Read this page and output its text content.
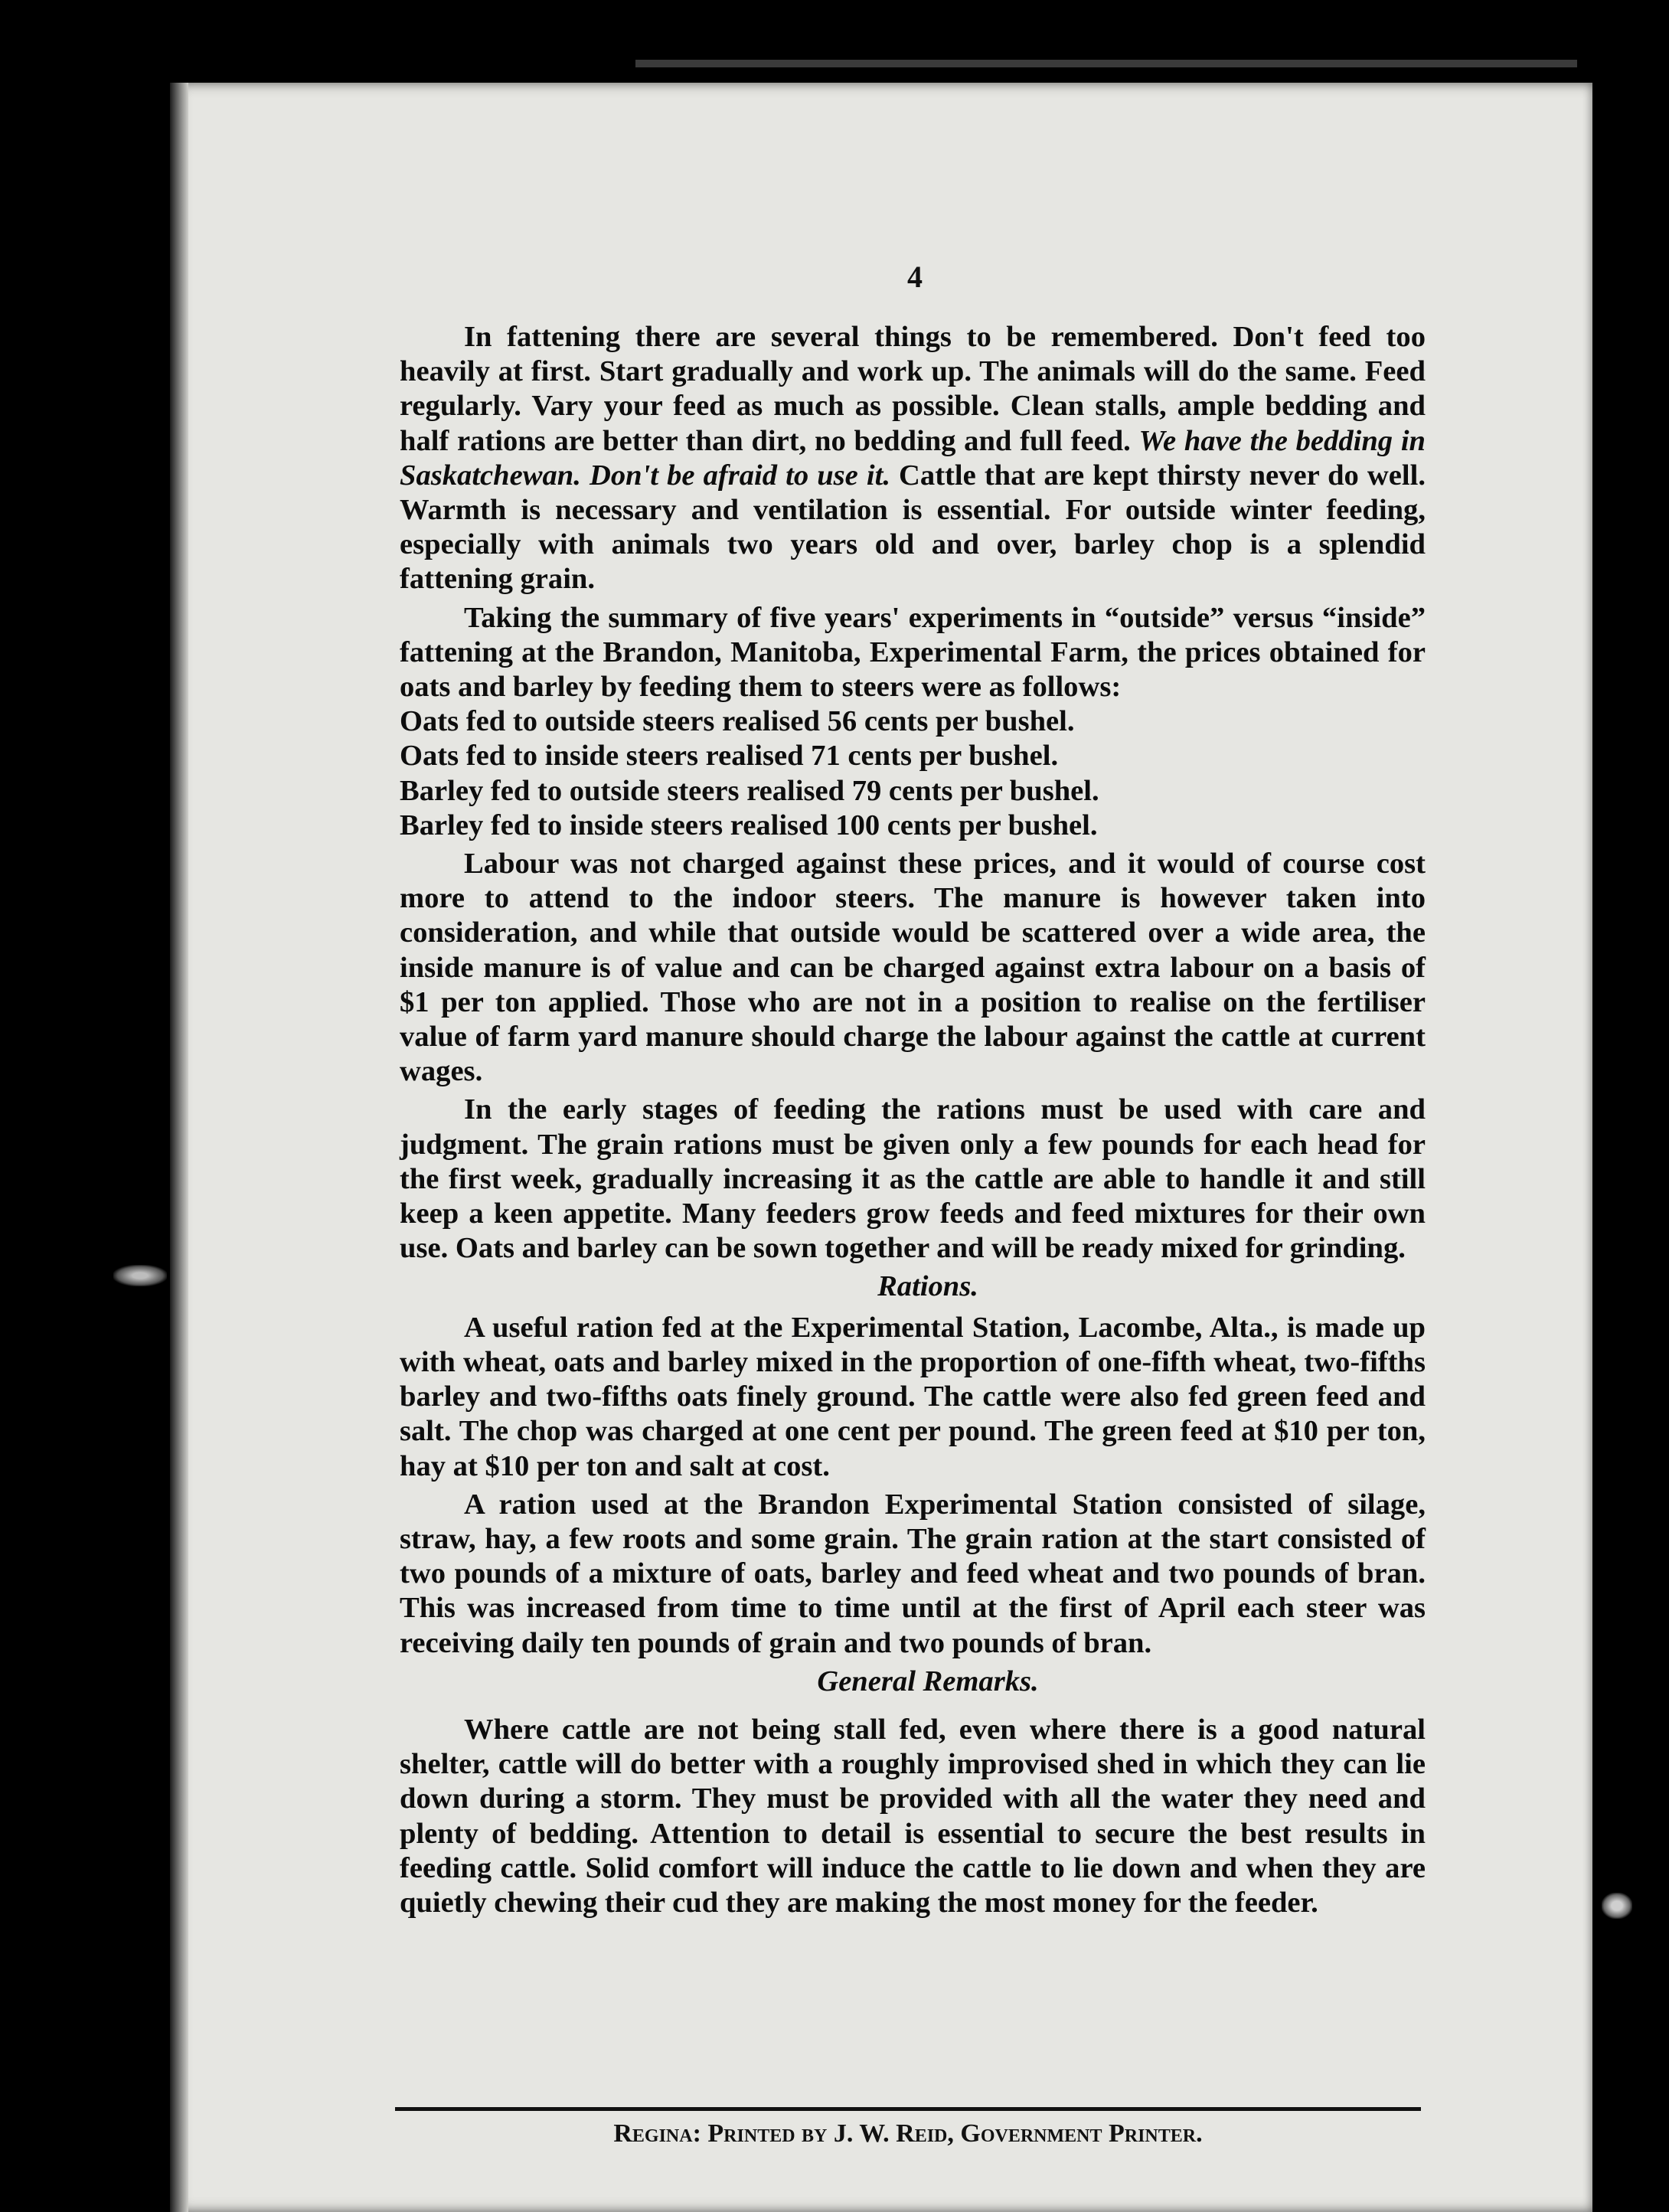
4

In fattening there are several things to be remembered. Don't feed too heavily at first. Start gradually and work up. The animals will do the same. Feed regularly. Vary your feed as much as possible. Clean stalls, ample bedding and half rations are better than dirt, no bedding and full feed. We have the bedding in Saskatchewan. Don't be afraid to use it. Cattle that are kept thirsty never do well. Warmth is necessary and ventilation is essential. For outside winter feeding, especially with animals two years old and over, barley chop is a splendid fattening grain.

Taking the summary of five years' experiments in “outside” versus “inside” fattening at the Brandon, Manitoba, Experimental Farm, the prices obtained for oats and barley by feeding them to steers were as follows:

Oats fed to outside steers realised 56 cents per bushel.

Oats fed to inside steers realised 71 cents per bushel.

Barley fed to outside steers realised 79 cents per bushel.

Barley fed to inside steers realised 100 cents per bushel.

Labour was not charged against these prices, and it would of course cost more to attend to the indoor steers. The manure is however taken into consideration, and while that outside would be scattered over a wide area, the inside manure is of value and can be charged against extra labour on a basis of $1 per ton applied. Those who are not in a position to realise on the fertiliser value of farm yard manure should charge the labour against the cattle at current wages.

In the early stages of feeding the rations must be used with care and judgment. The grain rations must be given only a few pounds for each head for the first week, gradually increasing it as the cattle are able to handle it and still keep a keen appetite. Many feeders grow feeds and feed mixtures for their own use. Oats and barley can be sown together and will be ready mixed for grinding.

Rations.

A useful ration fed at the Experimental Station, Lacombe, Alta., is made up with wheat, oats and barley mixed in the proportion of one-fifth wheat, two-fifths barley and two-fifths oats finely ground. The cattle were also fed green feed and salt. The chop was charged at one cent per pound. The green feed at $10 per ton, hay at $10 per ton and salt at cost.

A ration used at the Brandon Experimental Station consisted of silage, straw, hay, a few roots and some grain. The grain ration at the start consisted of two pounds of a mixture of oats, barley and feed wheat and two pounds of bran. This was increased from time to time until at the first of April each steer was receiving daily ten pounds of grain and two pounds of bran.

General Remarks.

Where cattle are not being stall fed, even where there is a good natural shelter, cattle will do better with a roughly improvised shed in which they can lie down during a storm. They must be provided with all the water they need and plenty of bedding. Attention to detail is essential to secure the best results in feeding cattle. Solid comfort will induce the cattle to lie down and when they are quietly chewing their cud they are making the most money for the feeder.

Regina: Printed by J. W. Reid, Government Printer.
